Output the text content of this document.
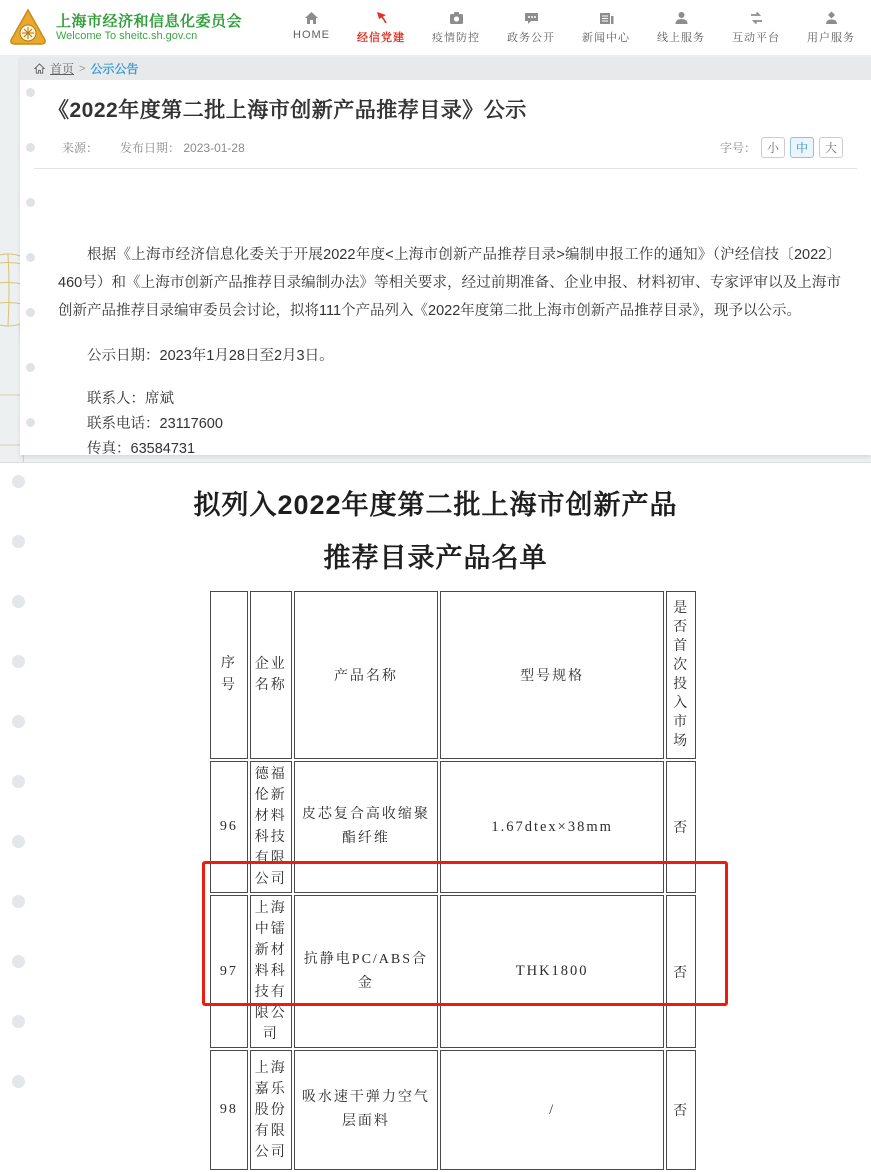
上海市经济和信息化委员会
Welcome To sheitc.sh.gov.cn	HOME 经信党建 疫情防控 政务公开 新闻中心 线上服务 互动平台 用户服务
首页 > 公示公告
《2022年度第二批上海市创新产品推荐目录》公示
来源： 发布日期： 2023-01-28	字号： 小	中	大

根据《上海市经济信息化委关于开展2022年度<上海市创新产品推荐目录>编制申报工作的通知》（沪经信技〔2022〕460号）和《上海市创新产品推荐目录编制办法》等相关要求，经过前期准备、企业申报、材料初审、专家评审以及上海市创新产品推荐目录编审委员会讨论，拟将111个产品列入《2022年度第二批上海市创新产品推荐目录》，现予以公示。

公示日期：2023年1月28日至2月3日。

联系人：席斌

联系电话：23117600

传真：63584731

拟列入2022年度第二批上海市创新产品
推荐目录产品名单
序号	企业名称	产品名称	型号规格	是否首次投入市场
96	德福伦新材料科技有限公司	皮芯复合高收缩聚酯纤维	1.67dtex×38mm	否
97	上海中镭新材料科技有限公司	抗静电PC/ABS合金	THK1800	否
98	上海嘉乐股份有限公司	吸水速干弹力空气层面料	/	否
